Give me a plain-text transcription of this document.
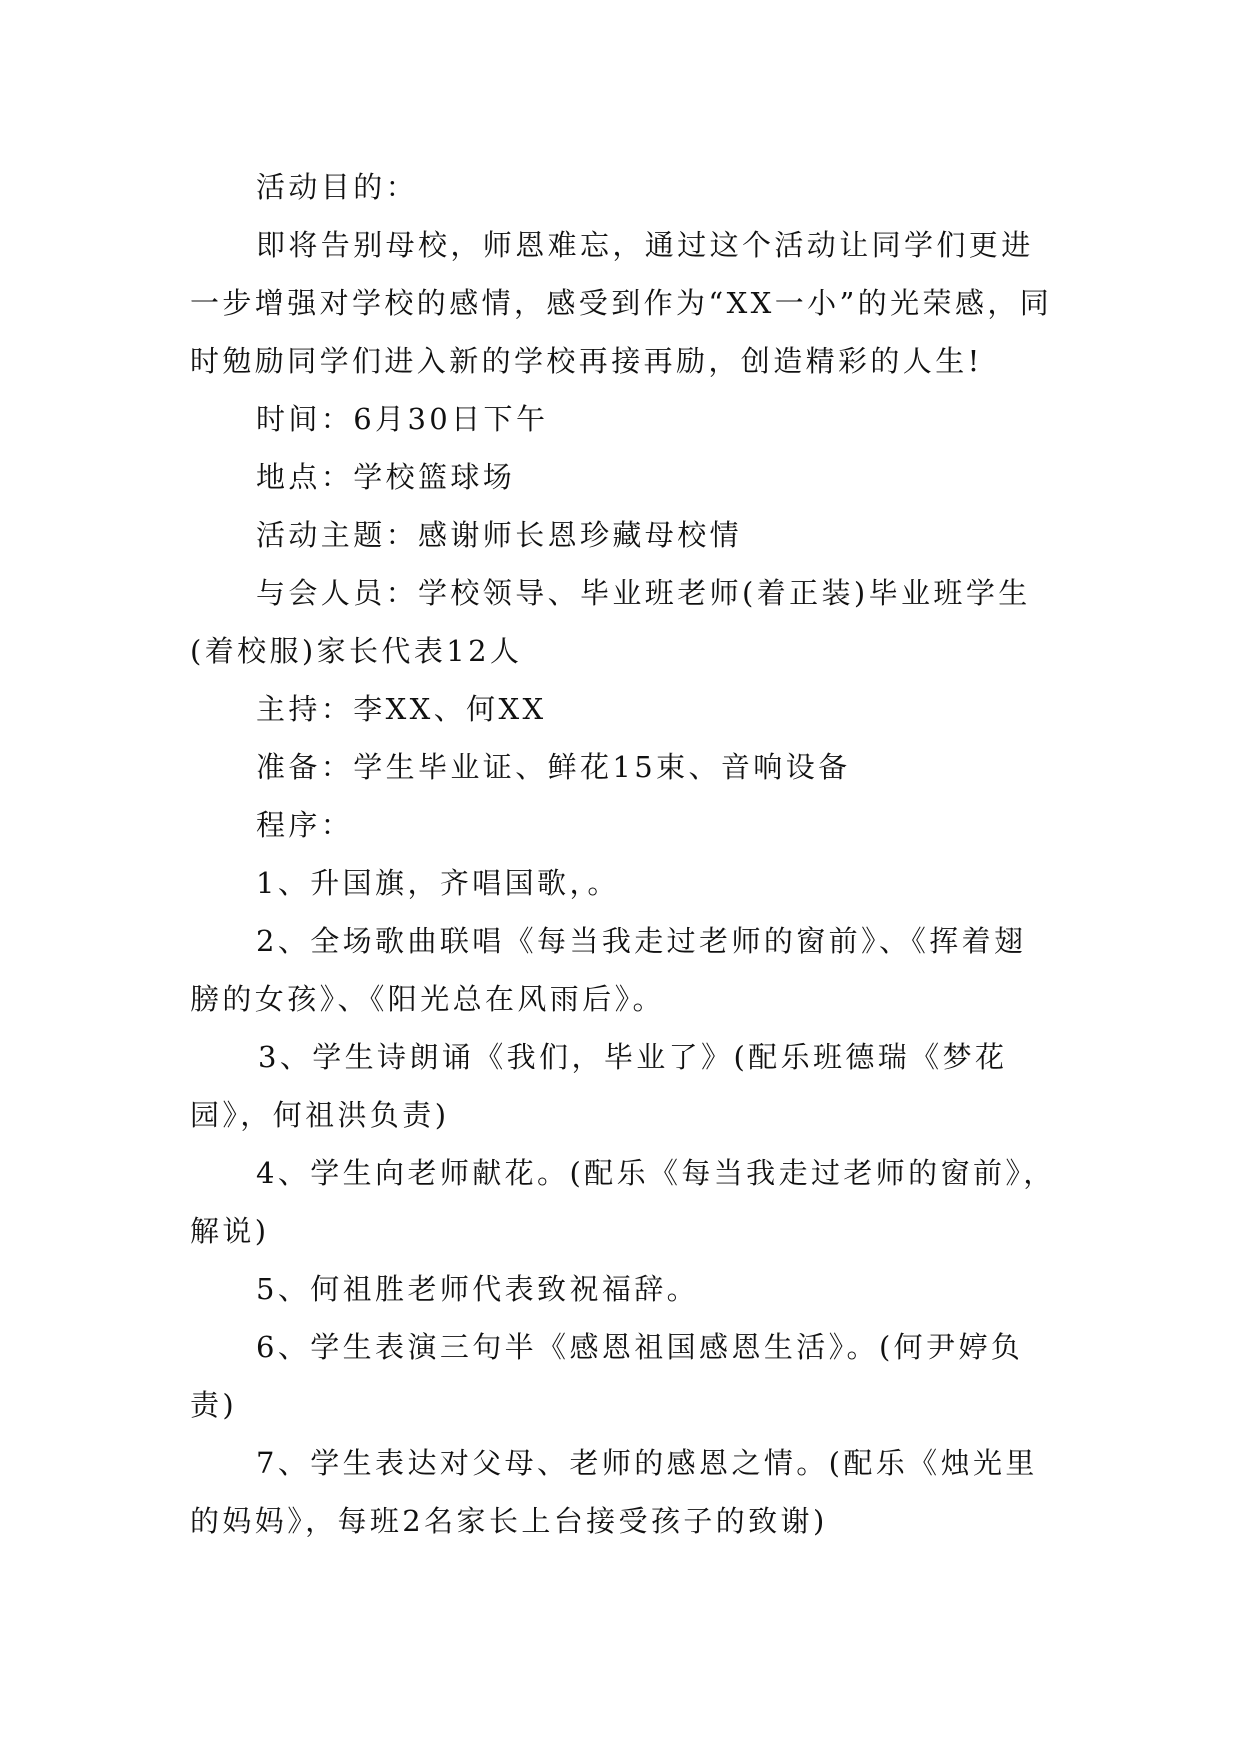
活动目的：

即将告别母校，师恩难忘，通过这个活动让同学们更进一步增强对学校的感情，感受到作为“XX一小”的光荣感，同时勉励同学们进入新的学校再接再励，创造精彩的人生!

时间：6月30日下午

地点：学校篮球场

活动主题：感谢师长恩珍藏母校情

与会人员：学校领导、毕业班老师(着正装)毕业班学生(着校服)家长代表12人

主持：李XX、何XX

准备：学生毕业证、鲜花15束、音响设备

程序：

1、升国旗，齐唱国歌，。

2、全场歌曲联唱《每当我走过老师的窗前》、《挥着翅膀的女孩》、《阳光总在风雨后》。

3、学生诗朗诵《我们，毕业了》(配乐班德瑞《梦花园》，何祖洪负责)

4、学生向老师献花。(配乐《每当我走过老师的窗前》，解说)

5、何祖胜老师代表致祝福辞。

6、学生表演三句半《感恩祖国感恩生活》。(何尹婷负责)

7、学生表达对父母、老师的感恩之情。(配乐《烛光里的妈妈》，每班2名家长上台接受孩子的致谢)
